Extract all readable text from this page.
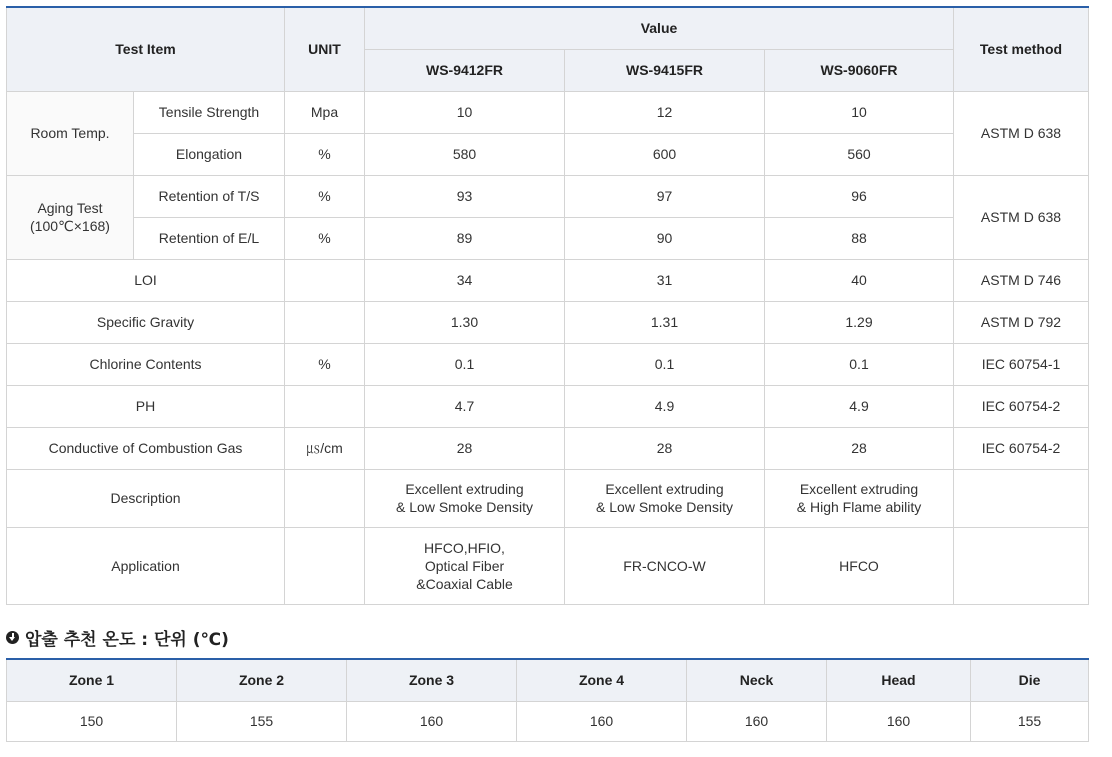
Test Item		UNIT	Value			Test method
			WS-9412FR	WS-9415FR	WS-9060FR	
Room Temp.	Tensile Strength	Mpa	10	12	10	ASTM D 638
	Elongation	%	580	600	560	
Aging Test
(100℃×168)	Retention of T/S	%	93	97	96	ASTM D 638
	Retention of E/L	%	89	90	88	
LOI			34	31	40	ASTM D 746
Specific Gravity			1.30	1.31	1.29	ASTM D 792
Chlorine Contents		%	0.1	0.1	0.1	IEC 60754-1
PH			4.7	4.9	4.9	IEC 60754-2
Conductive of Combustion Gas		㎲/cm	28	28	28	IEC 60754-2
Description			Excellent extruding
& Low Smoke Density	Excellent extruding
& Low Smoke Density	Excellent extruding
& High Flame ability	
Application			HFCO,HFIO,
Optical Fiber
&Coaxial Cable	FR-CNCO-W	HFCO	
압출 추천 온도 : 단위 (℃)
Zone 1	Zone 2	Zone 3	Zone 4	Neck	Head	Die
150	155	160	160	160	160	155
